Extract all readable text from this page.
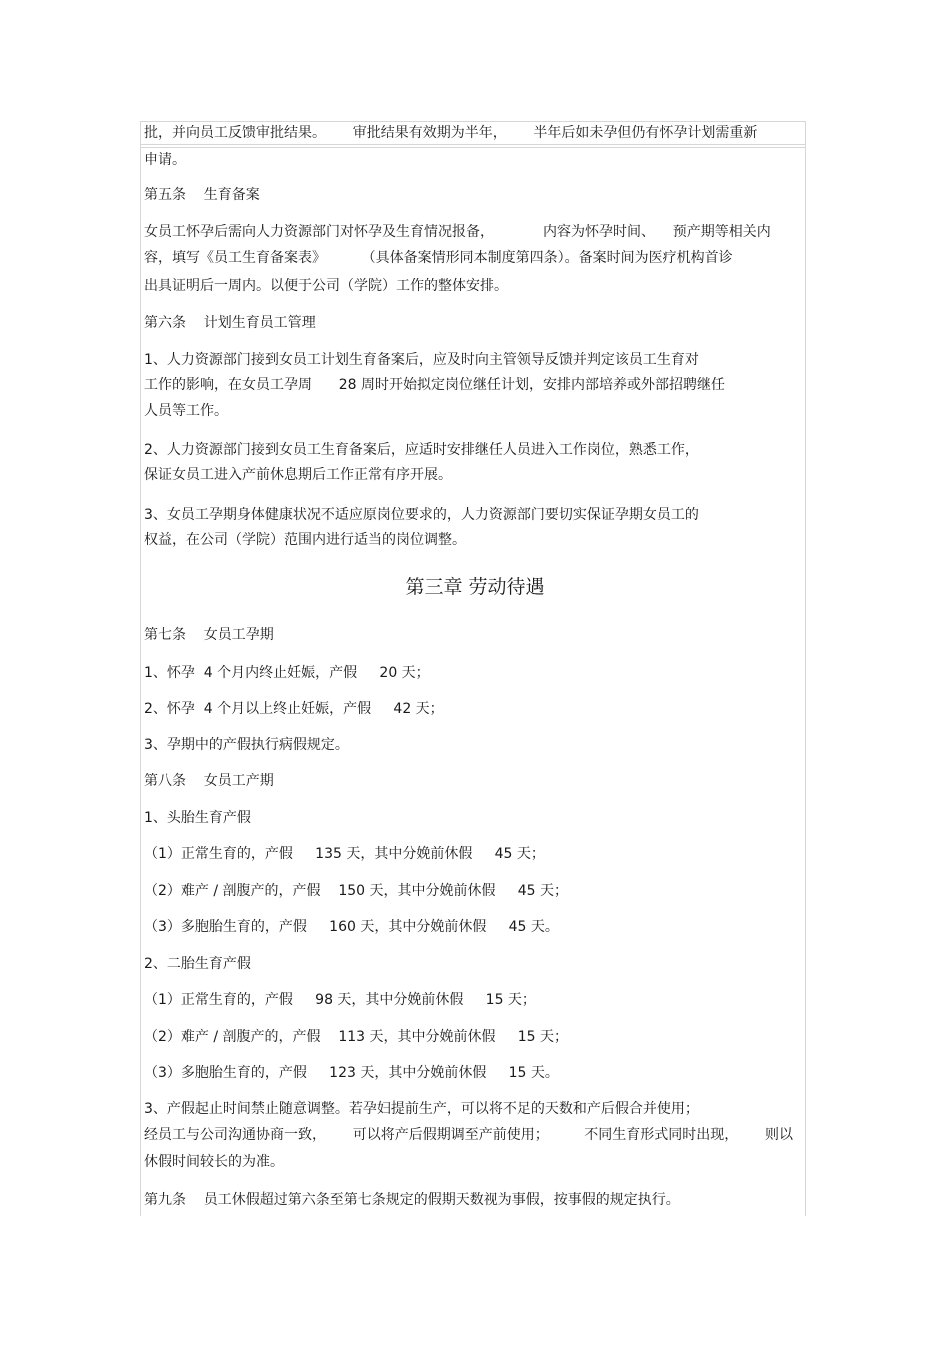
批，并向员工反馈审批结果。      审批结果有效期为半年，      半年后如未孕但仍有怀孕计划需重新
申请。
第五条    生育备案
女员工怀孕后需向人力资源部门对怀孕及生育情况报备，           内容为怀孕时间、    预产期等相关内
容，填写《员工生育备案表》        （具体备案情形同本制度第四条）。备案时间为医疗机构首诊
出具证明后一周内。以便于公司（学院）工作的整体安排。
第六条    计划生育员工管理
1、人力资源部门接到女员工计划生育备案后，应及时向主管领导反馈并判定该员工生育对
工作的影响，在女员工孕周      28 周时开始拟定岗位继任计划，安排内部培养或外部招聘继任
人员等工作。
2、人力资源部门接到女员工生育备案后，应适时安排继任人员进入工作岗位，熟悉工作，
保证女员工进入产前休息期后工作正常有序开展。
3、女员工孕期身体健康状况不适应原岗位要求的，人力资源部门要切实保证孕期女员工的
权益，在公司（学院）范围内进行适当的岗位调整。
第三章 劳动待遇
第七条    女员工孕期
1、怀孕  4 个月内终止妊娠，产假     20 天；
2、怀孕  4 个月以上终止妊娠，产假     42 天；
3、孕期中的产假执行病假规定。
第八条    女员工产期
1、头胎生育产假
（1）正常生育的，产假     135 天，其中分娩前休假     45 天；
（2）难产 / 剖腹产的，产假    150 天，其中分娩前休假     45 天；
（3）多胞胎生育的，产假     160 天，其中分娩前休假     45 天。
2、二胎生育产假
（1）正常生育的，产假     98 天，其中分娩前休假     15 天；
（2）难产 / 剖腹产的，产假    113 天，其中分娩前休假     15 天；
（3）多胞胎生育的，产假     123 天，其中分娩前休假     15 天。
3、产假起止时间禁止随意调整。若孕妇提前生产，可以将不足的天数和产后假合并使用；
经员工与公司沟通协商一致，      可以将产后假期调至产前使用；        不同生育形式同时出现，      则以
休假时间较长的为准。
第九条    员工休假超过第六条至第七条规定的假期天数视为事假，按事假的规定执行。
